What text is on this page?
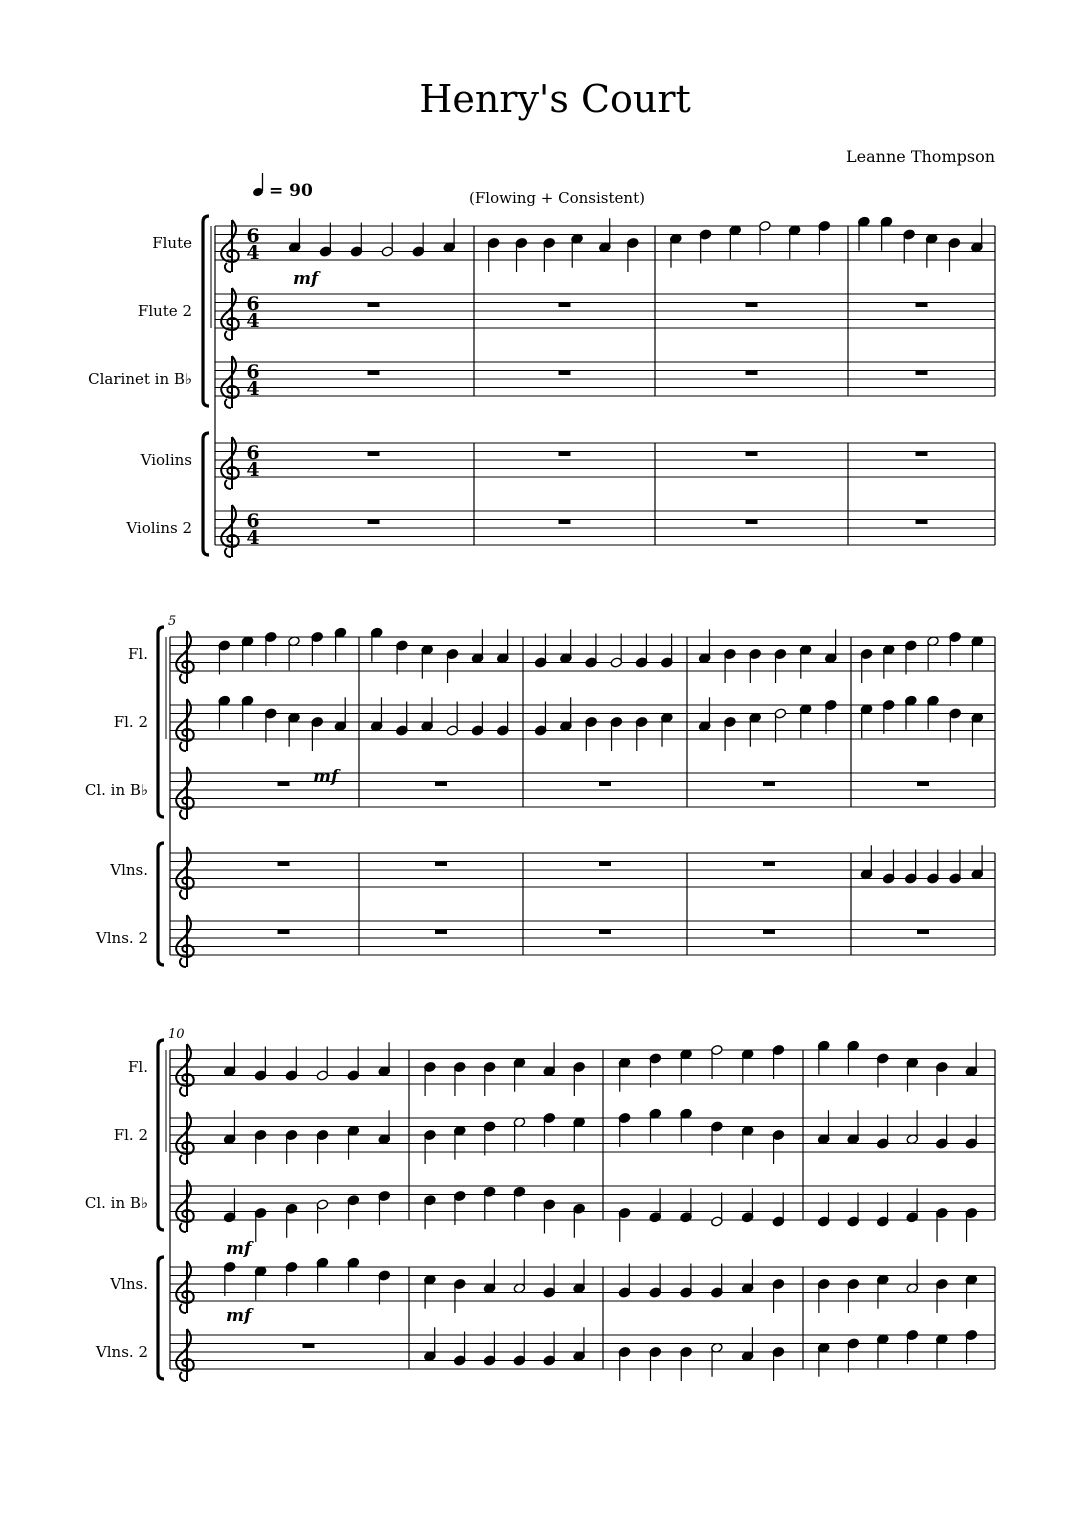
Henry's Court
Leanne Thompson
= 90	(Flowing + Consistent)
Flute	6
4
Flute 2	6
4
Clarinet in B♭	6
4
Violins	6
4
Violins 2	6
4
mf
5
Fl.
Fl. 2
Cl. in B♭
Vlns.
Vlns. 2
mf
10
Fl.
Fl. 2
Cl. in B♭
Vlns.
Vlns. 2
mf
mf
